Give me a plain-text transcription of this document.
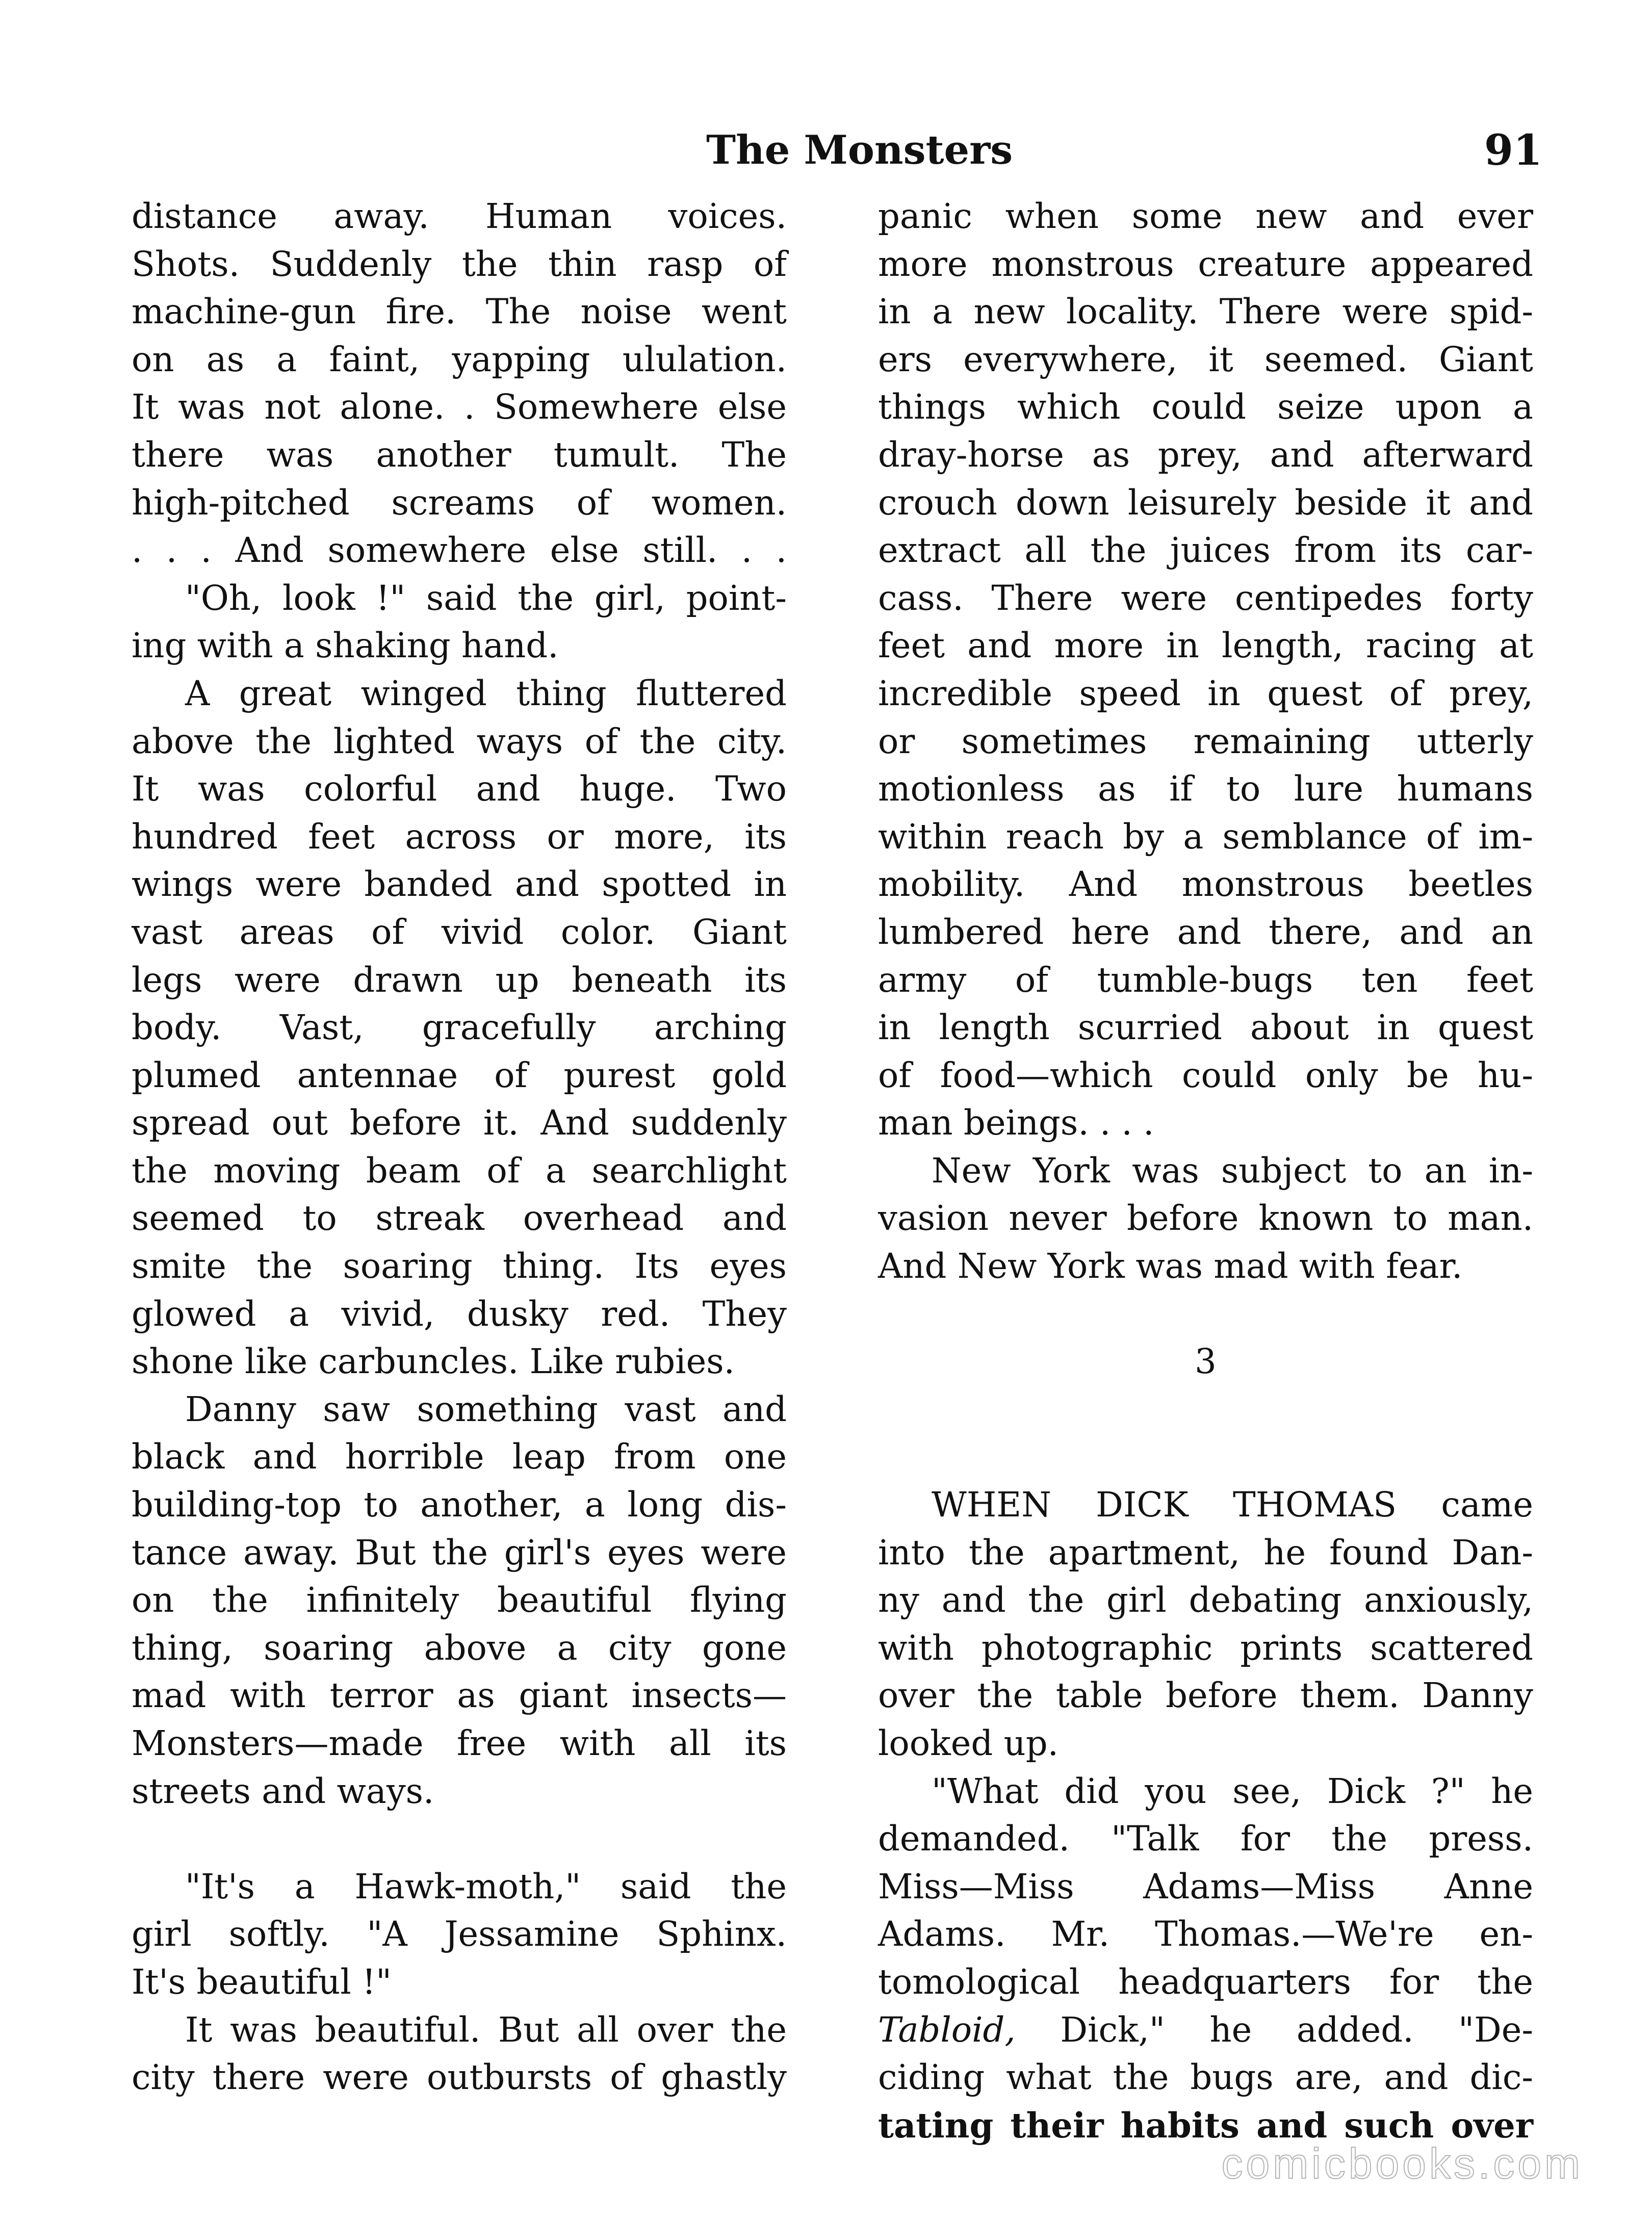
The Monsters	91
distance away. Human voices.
Shots. Suddenly the thin rasp of
machine-gun fire. The noise went
on as a faint, yapping ululation.
It was not alone. . Somewhere else
there was another tumult. The
high-pitched screams of women.
. . . And somewhere else still. . .
"Oh, look !" said the girl, point-
ing with a shaking hand.
A great winged thing fluttered
above the lighted ways of the city.
It was colorful and huge. Two
hundred feet across or more, its
wings were banded and spotted in
vast areas of vivid color. Giant
legs were drawn up beneath its
body. Vast, gracefully arching
plumed antennae of purest gold
spread out before it. And suddenly
the moving beam of a searchlight
seemed to streak overhead and
smite the soaring thing. Its eyes
glowed a vivid, dusky red. They
shone like carbuncles. Like rubies.
Danny saw something vast and
black and horrible leap from one
building-top to another, a long dis-
tance away. But the girl's eyes were
on the infinitely beautiful flying
thing, soaring above a city gone
mad with terror as giant insects—
Monsters—made free with all its
streets and ways.
"It's a Hawk-moth," said the
girl softly. "A Jessamine Sphinx.
It's beautiful !"
It was beautiful. But all over the
city there were outbursts of ghastly
panic when some new and ever
more monstrous creature appeared
in a new locality. There were spid-
ers everywhere, it seemed. Giant
things which could seize upon a
dray-horse as prey, and afterward
crouch down leisurely beside it and
extract all the juices from its car-
cass. There were centipedes forty
feet and more in length, racing at
incredible speed in quest of prey,
or sometimes remaining utterly
motionless as if to lure humans
within reach by a semblance of im-
mobility. And monstrous beetles
lumbered here and there, and an
army of tumble-bugs ten feet
in length scurried about in quest
of food—which could only be hu-
man beings. . . .
New York was subject to an in-
vasion never before known to man.
And New York was mad with fear.
3
WHEN DICK THOMAS came
into the apartment, he found Dan-
ny and the girl debating anxiously,
with photographic prints scattered
over the table before them. Danny
looked up.
"What did you see, Dick ?" he
demanded. "Talk for the press.
Miss—Miss Adams—Miss Anne
Adams. Mr. Thomas.—We're en-
tomological headquarters for the
Tabloid, Dick," he added. "De-
ciding what the bugs are, and dic-
tating their habits and such over
comicbooks.com
